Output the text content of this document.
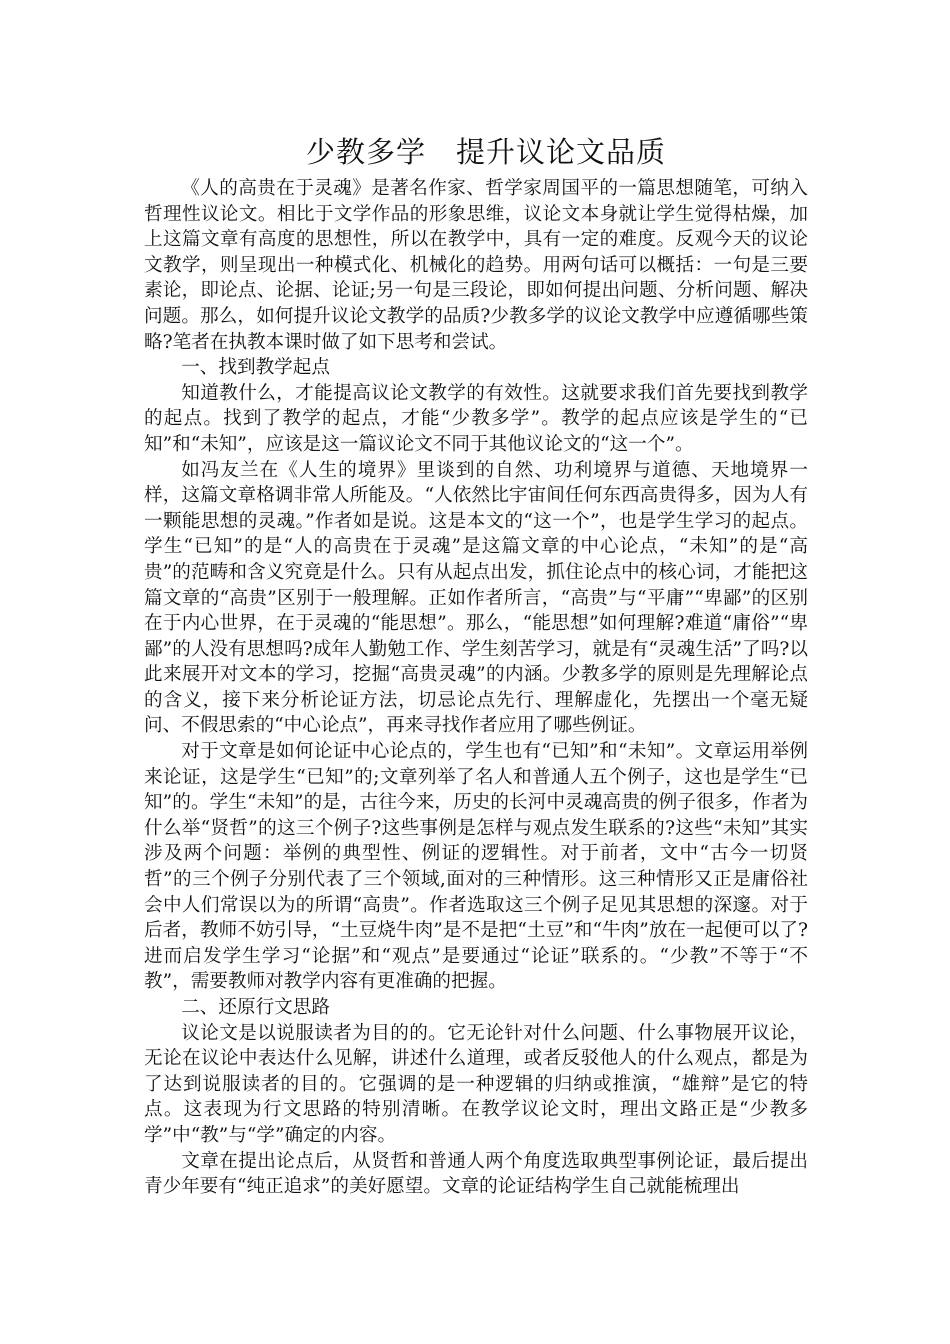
少教多学　提升议论文品质

《人的高贵在于灵魂》是著名作家、哲学家周国平的一篇思想随笔，可纳入哲理性议论文。相比于文学作品的形象思维，议论文本身就让学生觉得枯燥，加上这篇文章有高度的思想性，所以在教学中，具有一定的难度。反观今天的议论文教学，则呈现出一种模式化、机械化的趋势。用两句话可以概括：一句是三要素论，即论点、论据、论证;另一句是三段论，即如何提出问题、分析问题、解决问题。那么，如何提升议论文教学的品质?少教多学的议论文教学中应遵循哪些策略?笔者在执教本课时做了如下思考和尝试。

一、找到教学起点

知道教什么，才能提高议论文教学的有效性。这就要求我们首先要找到教学的起点。找到了教学的起点，才能“少教多学”。教学的起点应该是学生的“已知”和“未知”，应该是这一篇议论文不同于其他议论文的“这一个”。

如冯友兰在《人生的境界》里谈到的自然、功利境界与道德、天地境界一样，这篇文章格调非常人所能及。“人依然比宇宙间任何东西高贵得多，因为人有一颗能思想的灵魂。”作者如是说。这是本文的“这一个”，也是学生学习的起点。学生“已知”的是“人的高贵在于灵魂”是这篇文章的中心论点，“未知”的是“高贵”的范畴和含义究竟是什么。只有从起点出发，抓住论点中的核心词，才能把这篇文章的“高贵”区别于一般理解。正如作者所言，“高贵”与“平庸”“卑鄙”的区别在于内心世界，在于灵魂的“能思想”。那么，“能思想”如何理解?难道“庸俗”“卑鄙”的人没有思想吗?成年人勤勉工作、学生刻苦学习，就是有“灵魂生活”了吗?以此来展开对文本的学习，挖掘“高贵灵魂”的内涵。少教多学的原则是先理解论点的含义，接下来分析论证方法，切忌论点先行、理解虚化，先摆出一个毫无疑问、不假思索的“中心论点”，再来寻找作者应用了哪些例证。

对于文章是如何论证中心论点的，学生也有“已知”和“未知”。文章运用举例来论证，这是学生“已知”的;文章列举了名人和普通人五个例子，这也是学生“已知”的。学生“未知”的是，古往今来，历史的长河中灵魂高贵的例子很多，作者为什么举“贤哲”的这三个例子?这些事例是怎样与观点发生联系的?这些“未知”其实涉及两个问题：举例的典型性、例证的逻辑性。对于前者，文中“古今一切贤哲”的三个例子分别代表了三个领域,面对的三种情形。这三种情形又正是庸俗社会中人们常误以为的所谓“高贵”。作者选取这三个例子足见其思想的深邃。对于后者，教师不妨引导，“土豆烧牛肉”是不是把“土豆”和“牛肉”放在一起便可以了?进而启发学生学习“论据”和“观点”是要通过“论证”联系的。“少教”不等于“不教”，需要教师对教学内容有更准确的把握。

二、还原行文思路

议论文是以说服读者为目的的。它无论针对什么问题、什么事物展开议论，无论在议论中表达什么见解，讲述什么道理，或者反驳他人的什么观点，都是为了达到说服读者的目的。它强调的是一种逻辑的归纳或推演，“雄辩”是它的特点。这表现为行文思路的特别清晰。在教学议论文时，理出文路正是“少教多学”中“教”与“学”确定的内容。

文章在提出论点后，从贤哲和普通人两个角度选取典型事例论证，最后提出青少年要有“纯正追求”的美好愿望。文章的论证结构学生自己就能梳理出
